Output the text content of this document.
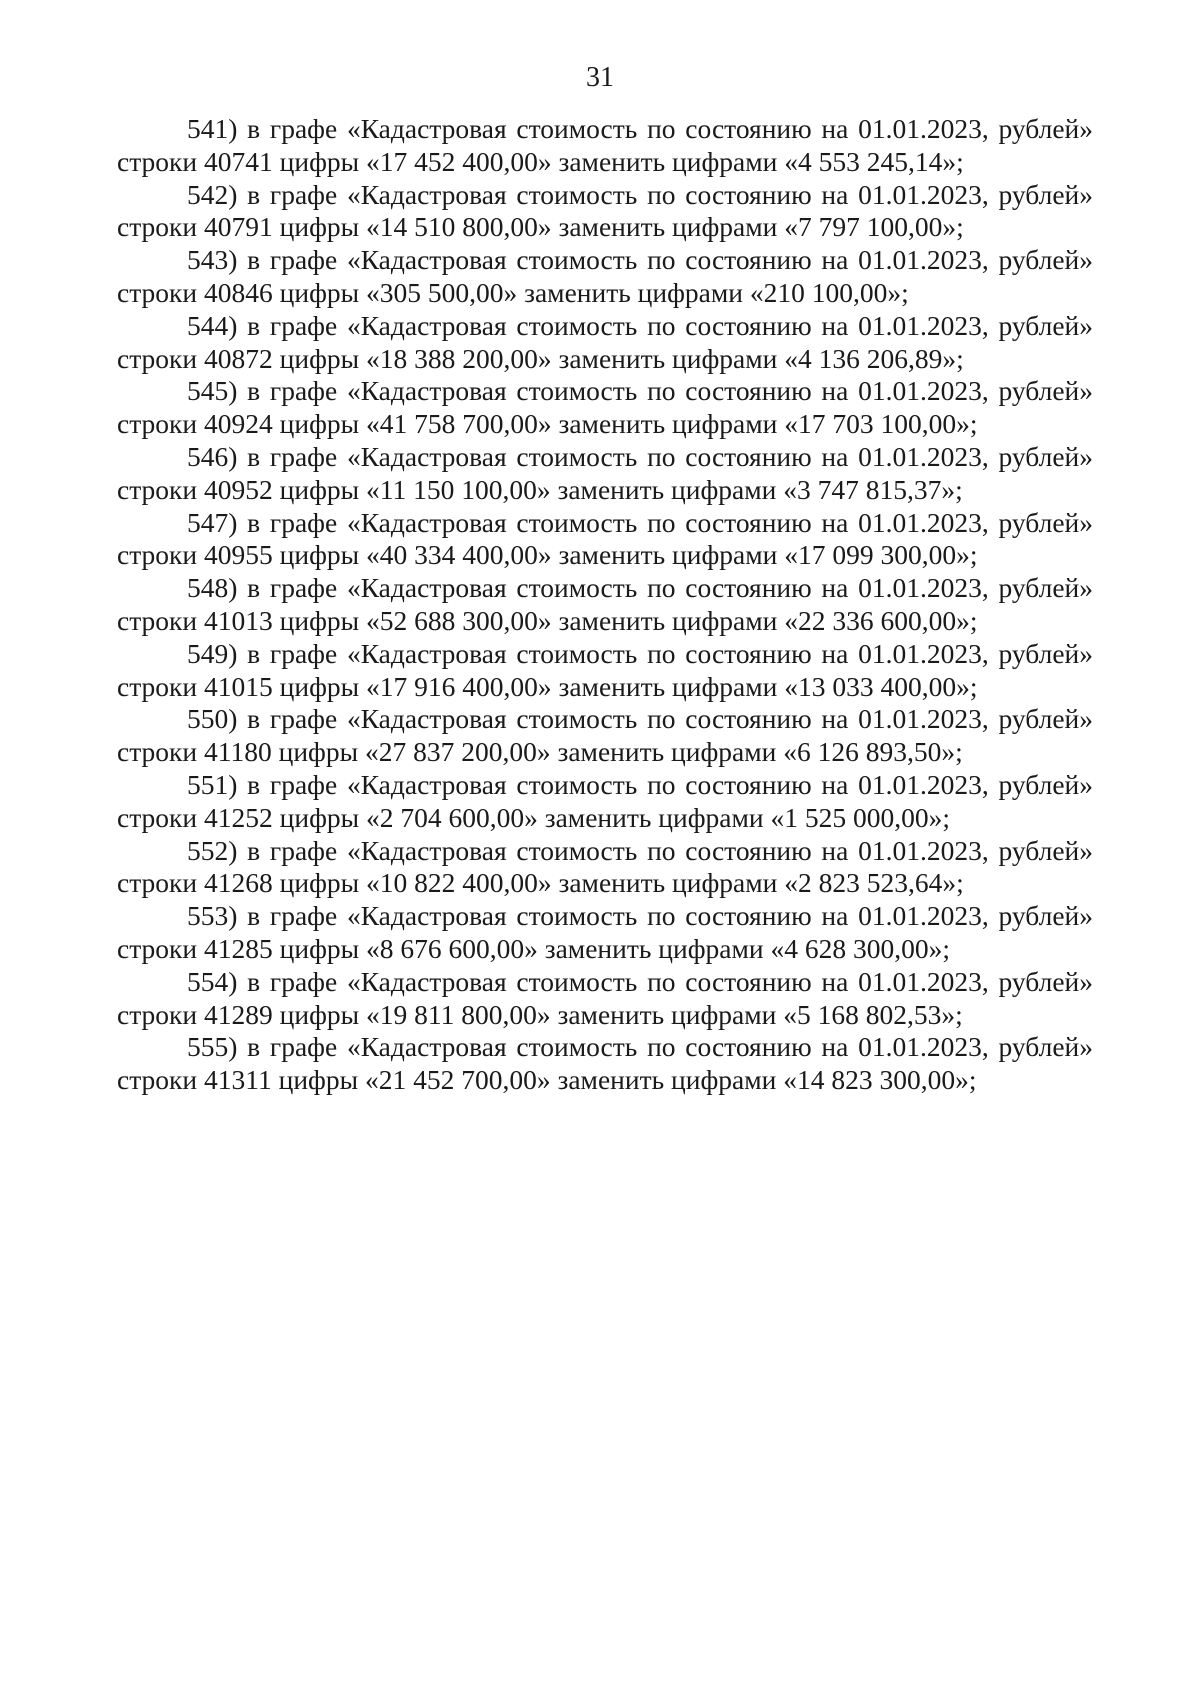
31

541) в графе «Кадастровая стоимость по состоянию на 01.01.2023, рублей» строки 40741 цифры «17 452 400,00» заменить цифрами «4 553 245,14»;

542) в графе «Кадастровая стоимость по состоянию на 01.01.2023, рублей» строки 40791 цифры «14 510 800,00» заменить цифрами «7 797 100,00»;

543) в графе «Кадастровая стоимость по состоянию на 01.01.2023, рублей» строки 40846 цифры «305 500,00» заменить цифрами «210 100,00»;

544) в графе «Кадастровая стоимость по состоянию на 01.01.2023, рублей» строки 40872 цифры «18 388 200,00» заменить цифрами «4 136 206,89»;

545) в графе «Кадастровая стоимость по состоянию на 01.01.2023, рублей» строки 40924 цифры «41 758 700,00» заменить цифрами «17 703 100,00»;

546) в графе «Кадастровая стоимость по состоянию на 01.01.2023, рублей» строки 40952 цифры «11 150 100,00» заменить цифрами «3 747 815,37»;

547) в графе «Кадастровая стоимость по состоянию на 01.01.2023, рублей» строки 40955 цифры «40 334 400,00» заменить цифрами «17 099 300,00»;

548) в графе «Кадастровая стоимость по состоянию на 01.01.2023, рублей» строки 41013 цифры «52 688 300,00» заменить цифрами «22 336 600,00»;

549) в графе «Кадастровая стоимость по состоянию на 01.01.2023, рублей» строки 41015 цифры «17 916 400,00» заменить цифрами «13 033 400,00»;

550) в графе «Кадастровая стоимость по состоянию на 01.01.2023, рублей» строки 41180 цифры «27 837 200,00» заменить цифрами «6 126 893,50»;

551) в графе «Кадастровая стоимость по состоянию на 01.01.2023, рублей» строки 41252 цифры «2 704 600,00» заменить цифрами «1 525 000,00»;

552) в графе «Кадастровая стоимость по состоянию на 01.01.2023, рублей» строки 41268 цифры «10 822 400,00» заменить цифрами «2 823 523,64»;

553) в графе «Кадастровая стоимость по состоянию на 01.01.2023, рублей» строки 41285 цифры «8 676 600,00» заменить цифрами «4 628 300,00»;

554) в графе «Кадастровая стоимость по состоянию на 01.01.2023, рублей» строки 41289 цифры «19 811 800,00» заменить цифрами «5 168 802,53»;

555) в графе «Кадастровая стоимость по состоянию на 01.01.2023, рублей» строки 41311 цифры «21 452 700,00» заменить цифрами «14 823 300,00»;
